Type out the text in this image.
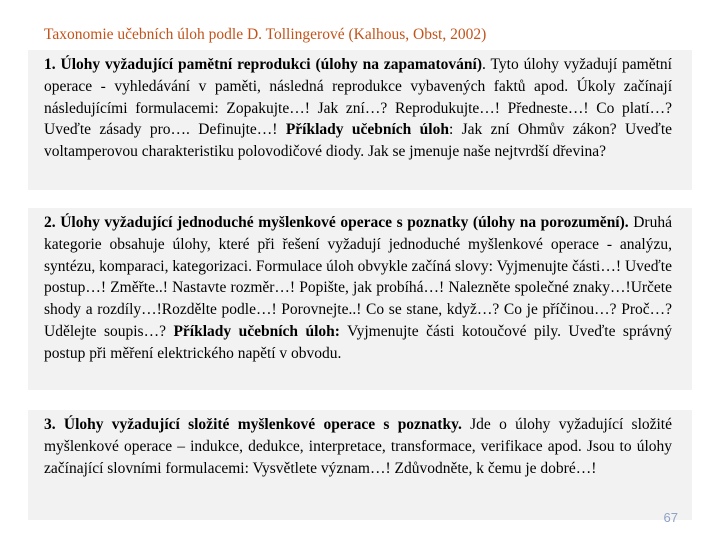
Taxonomie učebních úloh podle D. Tollingerové (Kalhous, Obst, 2002)

1. Úlohy vyžadující pamětní reprodukci (úlohy na zapamatování). Tyto úlohy vyžadují pamětní operace - vyhledávání v paměti, následná reprodukce vybavených faktů apod. Úkoly začínají následujícími formulacemi: Zopakujte…! Jak zní…? Reprodukujte…! Předneste…! Co platí…? Uveďte zásady pro…. Definujte…! Příklady učebních úloh: Jak zní Ohmův zákon? Uveďte voltamperovou charakteristiku polovodičové diody. Jak se jmenuje naše nejtvrdší dřevina?

2. Úlohy vyžadující jednoduché myšlenkové operace s poznatky (úlohy na porozumění). Druhá kategorie obsahuje úlohy, které při řešení vyžadují jednoduché myšlenkové operace - analýzu, syntézu, komparaci, kategorizaci. Formulace úloh obvykle začíná slovy: Vyjmenujte části…! Uveďte postup…! Změřte..! Nastavte rozměr…! Popište, jak probíhá…! Nalezněte společné znaky…!Určete shody a rozdíly…!Rozdělte podle…! Porovnejte..! Co se stane, když…? Co je příčinou…? Proč…? Udělejte soupis…? Příklady učebních úloh: Vyjmenujte části kotoučové pily. Uveďte správný postup při měření elektrického napětí v obvodu.

3. Úlohy vyžadující složité myšlenkové operace s poznatky. Jde o úlohy vyžadující složité myšlenkové operace – indukce, dedukce, interpretace, transformace, verifikace apod. Jsou to úlohy začínající slovními formulacemi: Vysvětlete význam…! Zdůvodněte, k čemu je dobré…!

67
